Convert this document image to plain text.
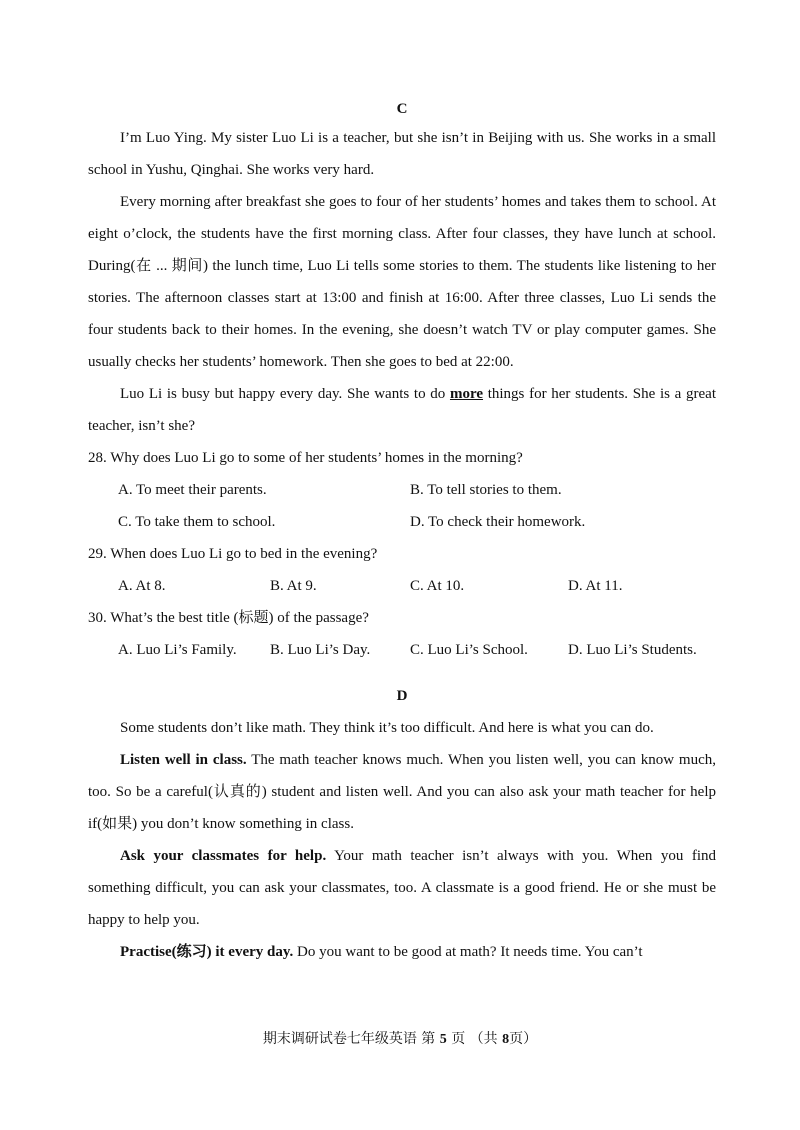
C

I’m Luo Ying. My sister Luo Li is a teacher, but she isn’t in Beijing with us. She works in a small school in Yushu, Qinghai. She works very hard.

Every morning after breakfast she goes to four of her students’ homes and takes them to school. At eight o’clock, the students have the first morning class. After four classes, they have lunch at school. During(在 ... 期间) the lunch time, Luo Li tells some stories to them. The students like listening to her stories. The afternoon classes start at 13:00 and finish at 16:00. After three classes, Luo Li sends the four students back to their homes. In the evening, she doesn’t watch TV or play computer games. She usually checks her students’ homework. Then she goes to bed at 22:00.

Luo Li is busy but happy every day. She wants to do more things for her students. She is a great teacher, isn’t she?

28. Why does Luo Li go to some of her students’ homes in the morning?
A. To meet their parents.	B. To tell stories to them.
C. To take them to school.	D. To check their homework.
29. When does Luo Li go to bed in the evening?
A. At 8.	B. At 9.	C. At 10.	D. At 11.
30. What’s the best title (标题) of the passage?
A. Luo Li’s Family.	B. Luo Li’s Day.	C. Luo Li’s School.	D. Luo Li’s Students.
D

Some students don’t like math. They think it’s too difficult. And here is what you can do.

Listen well in class. The math teacher knows much. When you listen well, you can know much, too. So be a careful(认真的) student and listen well. And you can also ask your math teacher for help if(如果) you don’t know something in class.

Ask your classmates for help. Your math teacher isn’t always with you. When you find something difficult, you can ask your classmates, too. A classmate is a good friend. He or she must be happy to help you.

Practise(练习) it every day. Do you want to be good at math? It needs time. You can’t

期末调研试卷七年级英语 第 5 页 （共 8页）
